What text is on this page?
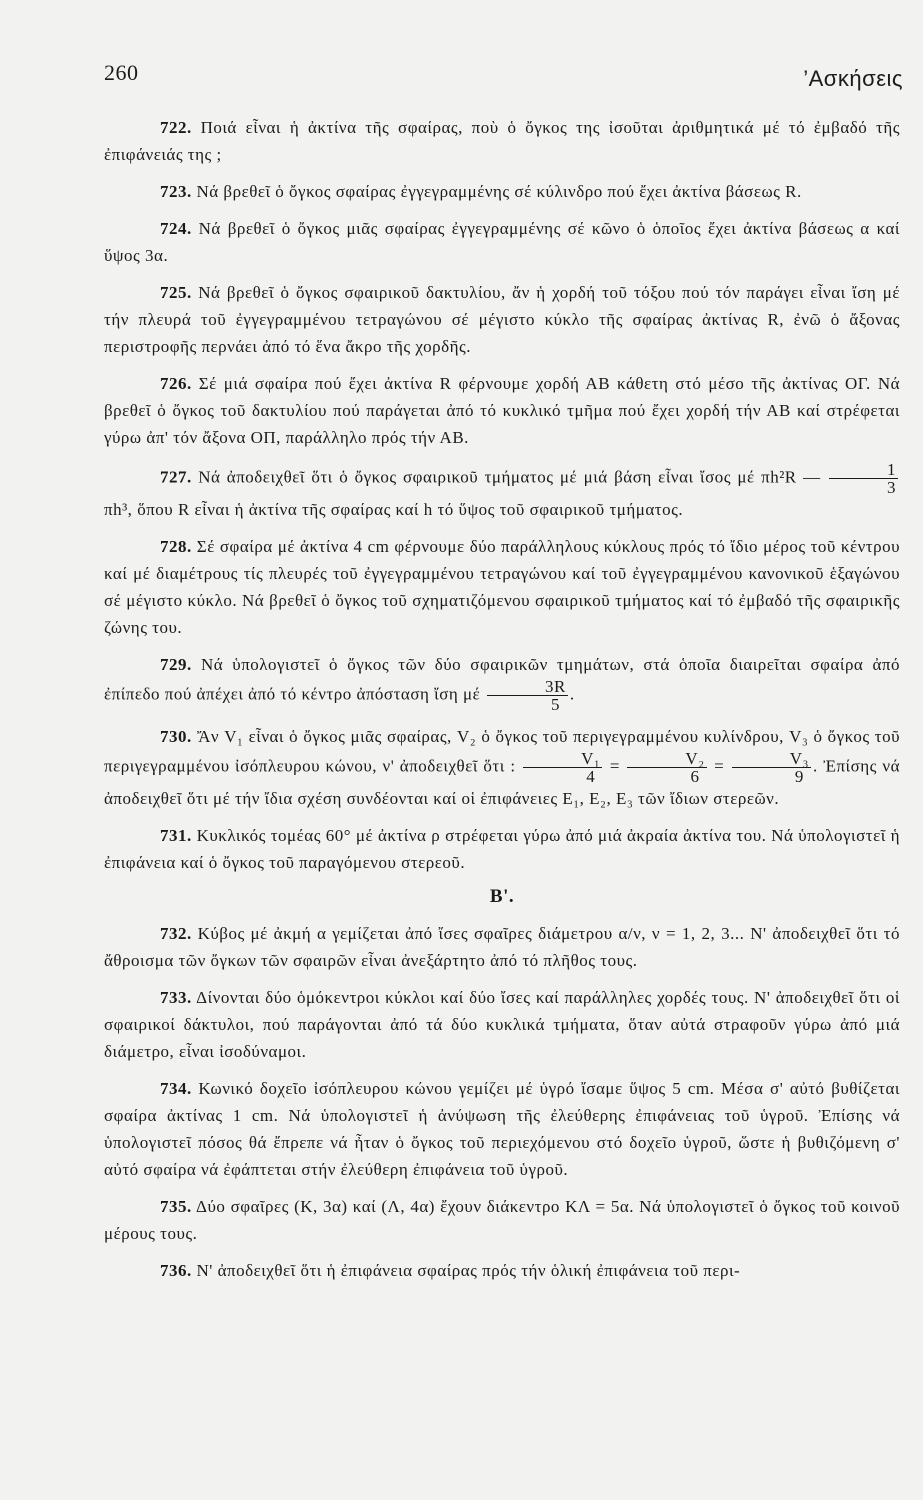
260	’Ασκήσεις

722. Ποιά εἶναι ἡ ἀκτίνα τῆς σφαίρας, ποὺ ὁ ὄγκος της ἰσοῦται ἀριθμητικά μέ τό ἐμβαδό τῆς ἐπιφάνειάς της ;

723. Νά βρεθεῖ ὁ ὄγκος σφαίρας ἐγγεγραμμένης σέ κύλινδρο πού ἔχει ἀκτίνα βάσεως R.

724. Νά βρεθεῖ ὁ ὄγκος μιᾶς σφαίρας ἐγγεγραμμένης σέ κῶνο ὁ ὁποῖος ἔχει ἀκτίνα βάσεως α καί ὕψος 3α.

725. Νά βρεθεῖ ὁ ὄγκος σφαιρικοῦ δακτυλίου, ἄν ἡ χορδή τοῦ τόξου πού τόν παράγει εἶναι ἴση μέ τήν πλευρά τοῦ ἐγγεγραμμένου τετραγώνου σέ μέγιστο κύκλο τῆς σφαίρας ἀκτίνας R, ἐνῶ ὁ ἄξονας περιστροφῆς περνάει ἀπό τό ἕνα ἄκρο τῆς χορδῆς.

726. Σέ μιά σφαίρα πού ἔχει ἀκτίνα R φέρνουμε χορδή ΑΒ κάθετη στό μέσο τῆς ἀκτίνας ΟΓ. Νά βρεθεῖ ὁ ὄγκος τοῦ δακτυλίου πού παράγεται ἀπό τό κυκλικό τμῆμα πού ἔχει χορδή τήν ΑΒ καί στρέφεται γύρω ἀπ' τόν ἄξονα ΟΠ, παράλληλο πρός τήν ΑΒ.

727. Νά ἀποδειχθεῖ ὅτι ὁ ὄγκος σφαιρικοῦ τμήματος μέ μιά βάση εἶναι ἴσος μέ πh²R — $\frac{1}{3}$
πh³, ὅπου R εἶναι ἡ ἀκτίνα τῆς σφαίρας καί h τό ὕψος τοῦ σφαιρικοῦ τμήματος.

728. Σέ σφαίρα μέ ἀκτίνα 4 cm φέρνουμε δύο παράλληλους κύκλους πρός τό ἴδιο μέρος τοῦ κέντρου καί μέ διαμέτρους τίς πλευρές τοῦ ἐγγεγραμμένου τετραγώνου καί τοῦ ἐγγεγραμμένου κανονικοῦ ἑξαγώνου σέ μέγιστο κύκλο. Νά βρεθεῖ ὁ ὄγκος τοῦ σχηματιζόμενου σφαιρικοῦ τμήματος καί τό ἐμβαδό τῆς σφαιρικῆς ζώνης του.

729. Νά ὑπολογιστεῖ ὁ ὄγκος τῶν δύο σφαιρικῶν τμημάτων, στά ὁποῖα διαιρεῖται σφαίρα ἀπό ἐπίπεδο πού ἀπέχει ἀπό τό κέντρο ἀπόσταση ἴση μέ $\frac{3R}{5}$ .

730. Ἄν V₁ εἶναι ὁ ὄγκος μιᾶς σφαίρας, V₂ ὁ ὄγκος τοῦ περιγεγραμμένου κυλίνδρου, V₃ ὁ ὄγκος τοῦ περιγεγραμμένου ἰσόπλευρου κώνου, ν' ἀποδειχθεῖ ὅτι : $\frac{\text{V₁}}{4} = \frac{\text{V₂}}{6} = \frac{\text{V₃}}{9}$ . Ἐπίσης νά ἀποδειχθεῖ ὅτι μέ τήν ἴδια σχέση συνδέονται καί οἱ ἐπιφάνειες Ε₁, Ε₂, Ε₃ τῶν ἴδιων στερεῶν.

731. Κυκλικός τομέας 60° μέ ἀκτίνα ρ στρέφεται γύρω ἀπό μιά ἀκραία ἀκτίνα του. Νά ὑπολογιστεῖ ἡ ἐπιφάνεια καί ὁ ὄγκος τοῦ παραγόμενου στερεοῦ.

Β'.

732. Κύβος μέ ἀκμή α γεμίζεται ἀπό ἴσες σφαῖρες διάμετρου α/ν, ν = 1, 2, 3... Ν' ἀποδειχθεῖ ὅτι τό ἄθροισμα τῶν ὄγκων τῶν σφαιρῶν εἶναι ἀνεξάρτητο ἀπό τό πλῆθος τους.

733. Δίνονται δύο ὁμόκεντροι κύκλοι καί δύο ἴσες καί παράλληλες χορδές τους. Ν' ἀποδειχθεῖ ὅτι οἱ σφαιρικοί δάκτυλοι, πού παράγονται ἀπό τά δύο κυκλικά τμήματα, ὅταν αὐτά στραφοῦν γύρω ἀπό μιά διάμετρο, εἶναι ἰσοδύναμοι.

734. Κωνικό δοχεῖο ἰσόπλευρου κώνου γεμίζει μέ ὑγρό ἴσαμε ὕψος 5 cm. Μέσα σ' αὐτό βυθίζεται σφαίρα ἀκτίνας 1 cm. Νά ὑπολογιστεῖ ἡ ἀνύψωση τῆς ἐλεύθερης ἐπιφάνειας τοῦ ὑγροῦ. Ἐπίσης νά ὑπολογιστεῖ πόσος θά ἔπρεπε νά ἦταν ὁ ὄγκος τοῦ περιεχόμενου στό δοχεῖο ὑγροῦ, ὥστε ἡ βυθιζόμενη σ' αὐτό σφαίρα νά ἐφάπτεται στήν ἐλεύθερη ἐπιφάνεια τοῦ ὑγροῦ.

735. Δύο σφαῖρες (Κ, 3α) καί (Λ, 4α) ἔχουν διάκεντρο ΚΛ = 5α. Νά ὑπολογιστεῖ ὁ ὄγκος τοῦ κοινοῦ μέρους τους.

736. Ν' ἀποδειχθεῖ ὅτι ἡ ἐπιφάνεια σφαίρας πρός τήν ὁλική ἐπιφάνεια τοῦ περι-
